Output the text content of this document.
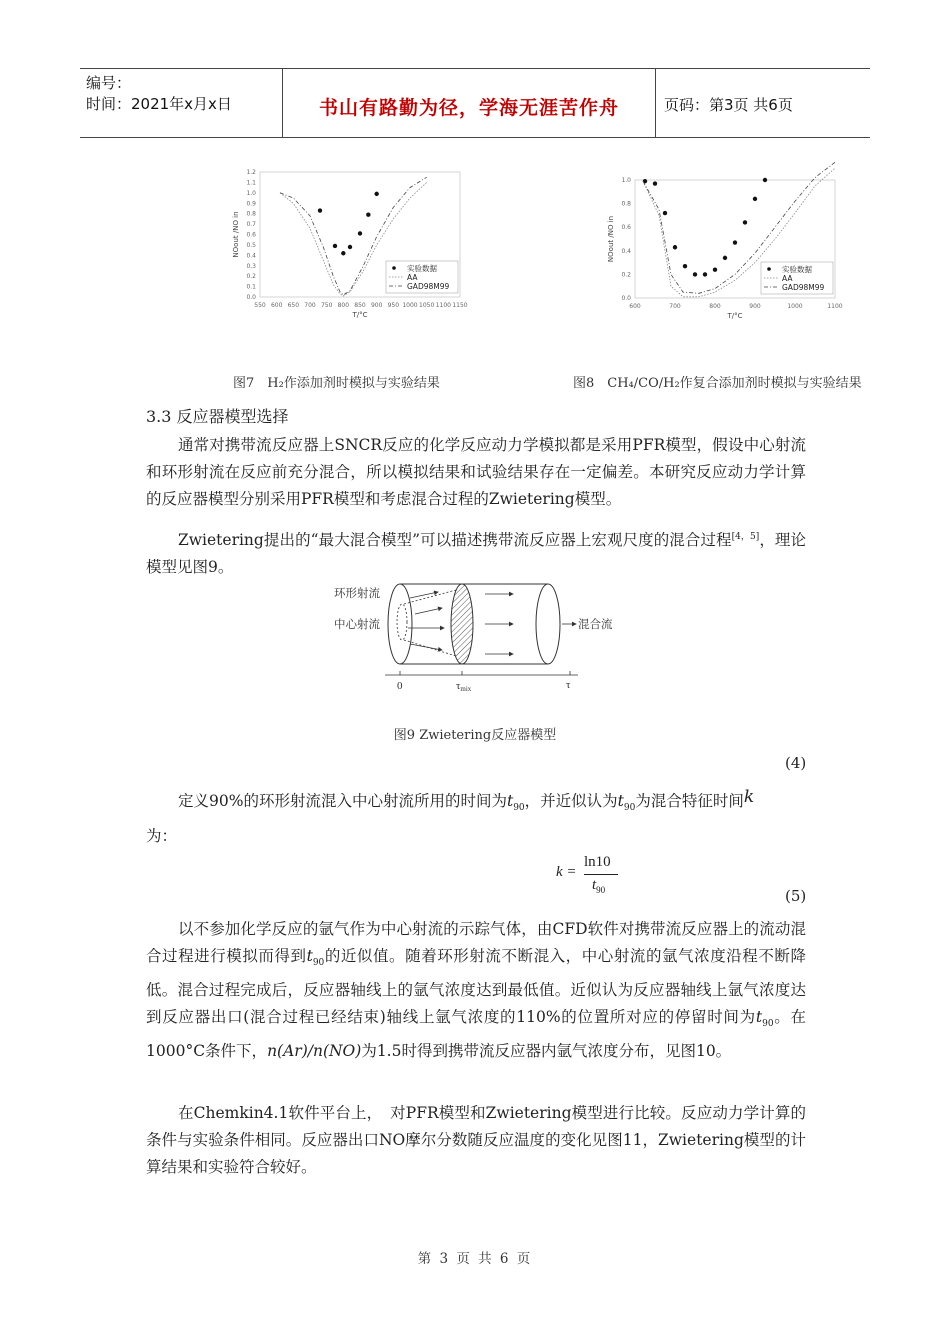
编号：
时间：2021年x月x日	书山有路勤为径，学海无涯苦作舟	页码：第3页 共6页
550 600 650 700 750 800 850 900 950 1000 1050 1100 1150
0.0
0.1
0.2
0.3
0.4
0.5
0.6
0.7
0.8
0.9
1.0
1.1
1.2
T/°C
NOout /NO in
实验数据
AA
GAD98M99
图7　H₂作添加剂时模拟与实验结果
600	700	800	900	1000	1100
0.0
0.2
0.4
0.6
0.8
1.0
T/°C
NOout /NO in
实验数据
AA
GAD98M99
图8　CH₄/CO/H₂作复合添加剂时模拟与实验结果
3.3 反应器模型选择
通常对携带流反应器上SNCR反应的化学反应动力学模拟都是采用PFR模型，假设中心射流和环形射流在反应前充分混合，所以模拟结果和试验结果存在一定偏差。本研究反应动力学计算的反应器模型分别采用PFR模型和考虑混合过程的Zwietering模型。
Zwietering提出的“最大混合模型”可以描述携带流反应器上宏观尺度的混合过程[4，5]，理论模型见图9。
环形射流
中心射流	混合流
0	τmix	τ
图9 Zwietering反应器模型
(4)
定义90%的环形射流混入中心射流所用的时间为$t_{90}$，并近似认为$t_{90}$为混合特征时间k
为：
k =
ln10
$t_{90}$	(5)
以不参加化学反应的氩气作为中心射流的示踪气体，由CFD软件对携带流反应器上的流动混合过程进行模拟而得到$t_{90}$的近似值。随着环形射流不断混入，中心射流的氩气浓度沿程不断降低。混合过程完成后，反应器轴线上的氩气浓度达到最低值。近似认为反应器轴线上氩气浓度达到反应器出口(混合过程已经结束)轴线上氩气浓度的110%的位置所对应的停留时间为$t_{90}$。在1000°C条件下，n(Ar)/n(NO)为1.5时得到携带流反应器内氩气浓度分布，见图10。
在Chemkin4.1软件平台上，　对PFR模型和Zwietering模型进行比较。反应动力学计算的条件与实验条件相同。反应器出口NO摩尔分数随反应温度的变化见图11，Zwietering模型的计算结果和实验符合较好。
第 3 页 共 6 页
